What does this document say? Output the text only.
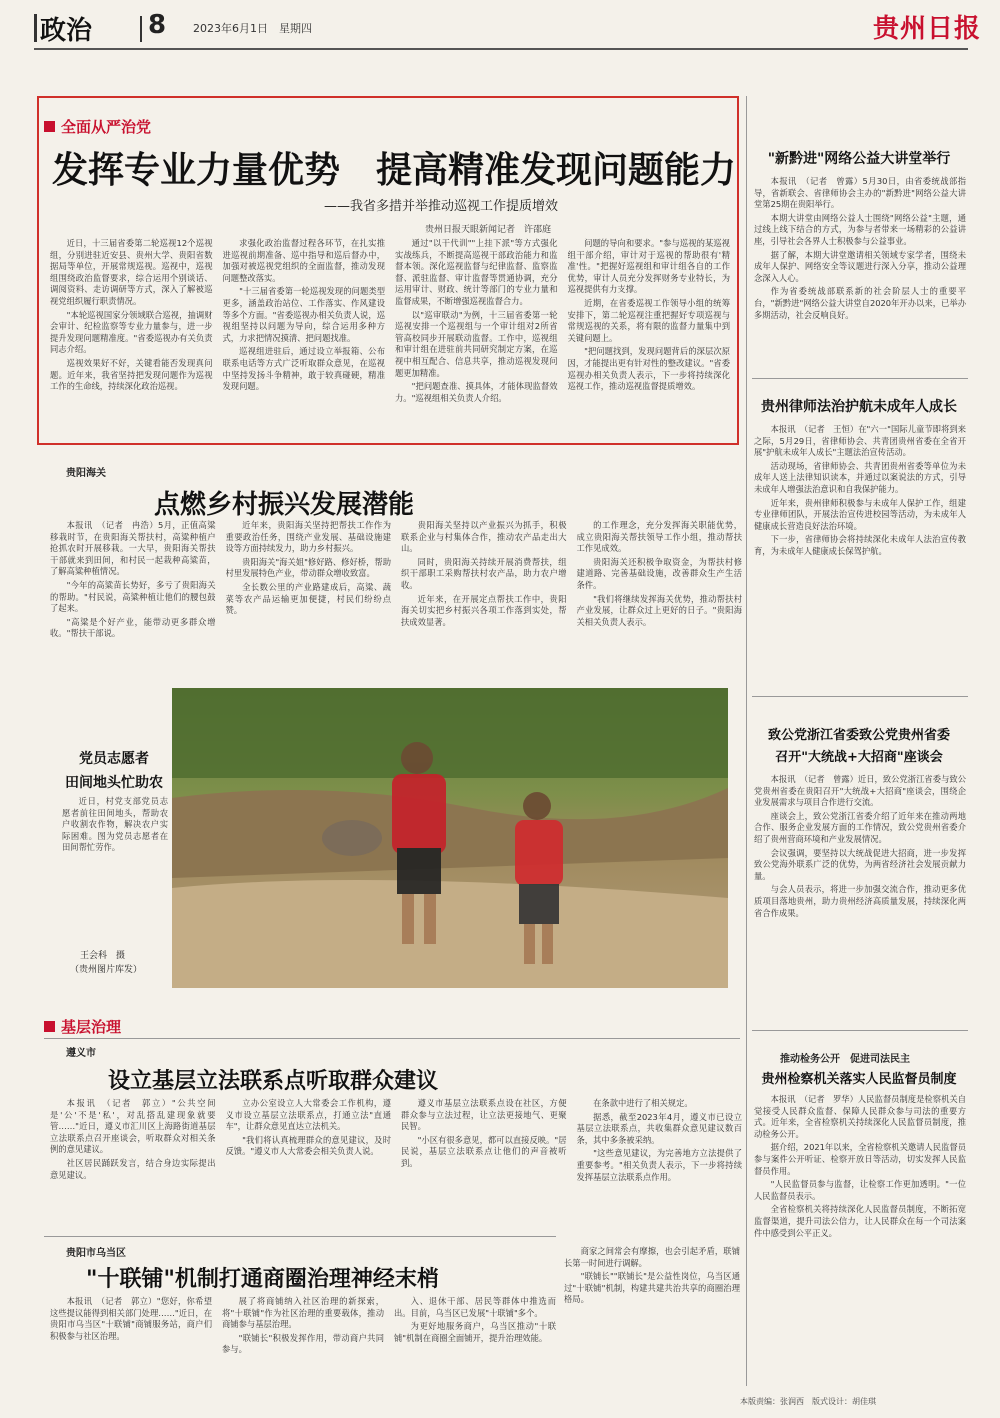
政治 8 2023年6月1日　星期四	贵州日报
全面从严治党
发挥专业力量优势　提高精准发现问题能力
——我省多措并举推动巡视工作提质增效
贵州日报天眼新闻记者　许邵庭

近日，十三届省委第二轮巡视12个巡视组，分别进驻近安县、贵州大学、贵阳省数据局等单位，开展常规巡视。巡视中，巡视组围绕政治监督要求，综合运用个别谈话、调阅资料、走访调研等方式，深入了解被巡视党组织履行职责情况。

"本轮巡视国家分领域联合巡视，抽调财会审计、纪检监察等专业力量参与，进一步提升发现问题精准度。"省委巡视办有关负责同志介绍。

巡视效果好不好，关键看能否发现真问题。近年来，我省坚持把发现问题作为巡视工作的生命线，持续深化政治巡视。

求强化政治监督过程各环节，在扎实推进巡视前期准备、巡中指导和巡后督办中，加强对被巡视党组织的全面监督，推动发现问题整改落实。

"十三届省委第一轮巡视发现的问题类型更多，涵盖政治站位、工作落实、作风建设等多个方面。"省委巡视办相关负责人说，巡视组坚持以问题为导向，综合运用多种方式，力求把情况摸清、把问题找准。

巡视组进驻后，通过设立举报箱、公布联系电话等方式广泛听取群众意见，在巡视中坚持发扬斗争精神，敢于较真碰硬，精准发现问题。

通过"以干代训""上挂下派"等方式强化实战练兵，不断提高巡视干部政治能力和监督本领。深化巡视监督与纪律监督、监察监督、派驻监督、审计监督等贯通协调，充分运用审计、财政、统计等部门的专业力量和监督成果，不断增强巡视监督合力。

以"巡审联动"为例，十三届省委第一轮巡视安排一个巡视组与一个审计组对2所省管高校同步开展联动监督。工作中，巡视组和审计组在进驻前共同研究制定方案，在巡视中相互配合、信息共享，推动巡视发现问题更加精准。

"把问题查准、摸具体，才能体现监督效力。"巡视组相关负责人介绍。

问题的导向和要求。"参与巡视的某巡视组干部介绍，审计对于巡视的帮助很有'精准'性。"把握好巡视组和审计组各自的工作优势，审计人员充分发挥财务专业特长，为巡视提供有力支撑。

近期，在省委巡视工作领导小组的统筹安排下，第二轮巡视注重把握好专项巡视与常规巡视的关系，将有限的监督力量集中到关键问题上。

"把问题找到，发现问题背后的深层次原因，才能提出更有针对性的整改建议。"省委巡视办相关负责人表示，下一步将持续深化巡视工作，推动巡视监督提质增效。

"新黔进"网络公益大讲堂举行

本报讯　（记者　曾露）5月30日，由省委统战部指导，省新联会、省律师协会主办的"新黔进"网络公益大讲堂第25期在贵阳举行。

本期大讲堂由网络公益人士围绕"网络公益"主题，通过线上线下结合的方式，为参与者带来一场精彩的公益讲座，引导社会各界人士积极参与公益事业。

据了解，本期大讲堂邀请相关领域专家学者，围绕未成年人保护、网络安全等议题进行深入分享，推动公益理念深入人心。

作为省委统战部联系新的社会阶层人士的重要平台，"新黔进"网络公益大讲堂自2020年开办以来，已举办多期活动，社会反响良好。

贵州律师法治护航未成年人成长

本报讯　（记者　王恒）在"六一"国际儿童节即将到来之际，5月29日，省律师协会、共青团贵州省委在全省开展"护航未成年人成长"主题法治宣传活动。

活动现场，省律师协会、共青团贵州省委等单位为未成年人送上法律知识读本，并通过以案说法的方式，引导未成年人增强法治意识和自我保护能力。

近年来，贵州律师积极参与未成年人保护工作，组建专业律师团队，开展法治宣传进校园等活动，为未成年人健康成长营造良好法治环境。

下一步，省律师协会将持续深化未成年人法治宣传教育，为未成年人健康成长保驾护航。

致公党浙江省委致公党贵州省委
召开"大统战+大招商"座谈会

本报讯　（记者　曾露）近日，致公党浙江省委与致公党贵州省委在贵阳召开"大统战+大招商"座谈会，围绕企业发展需求与项目合作进行交流。

座谈会上，致公党浙江省委介绍了近年来在推动两地合作、服务企业发展方面的工作情况，致公党贵州省委介绍了贵州营商环境和产业发展情况。

会议强调，要坚持以大统战促进大招商，进一步发挥致公党海外联系广泛的优势，为两省经济社会发展贡献力量。

与会人员表示，将进一步加强交流合作，推动更多优质项目落地贵州，助力贵州经济高质量发展，持续深化两省合作成果。

推动检务公开　促进司法民主
贵州检察机关落实人民监督员制度

本报讯　（记者　罗华）人民监督员制度是检察机关自觉接受人民群众监督、保障人民群众参与司法的重要方式。近年来，全省检察机关持续深化人民监督员制度，推动检务公开。

据介绍，2021年以来，全省检察机关邀请人民监督员参与案件公开听证、检察开放日等活动，切实发挥人民监督员作用。

"人民监督员参与监督，让检察工作更加透明。"一位人民监督员表示。

全省检察机关将持续深化人民监督员制度，不断拓宽监督渠道，提升司法公信力，让人民群众在每一个司法案件中感受到公平正义。

贵阳海关
点燃乡村振兴发展潜能

本报讯　（记者　冉浩）5月，正值高粱移栽时节，在贵阳海关帮扶村，高粱种植户抢抓农时开展移栽。一大早，贵阳海关帮扶干部就来到田间，和村民一起栽种高粱苗，了解高粱种植情况。

"今年的高粱苗长势好，多亏了贵阳海关的帮助。"村民说，高粱种植让他们的腰包鼓了起来。

"高粱是个好产业，能带动更多群众增收。"帮扶干部说。

近年来，贵阳海关坚持把帮扶工作作为重要政治任务，围绕产业发展、基础设施建设等方面持续发力，助力乡村振兴。

贵阳海关"海关姐"修好路、修好桥，帮助村里发展特色产业，带动群众增收致富。

全长数公里的产业路建成后，高粱、蔬菜等农产品运输更加便捷，村民们纷纷点赞。

贵阳海关坚持以产业振兴为抓手，积极联系企业与村集体合作，推动农产品走出大山。

同时，贵阳海关持续开展消费帮扶，组织干部职工采购帮扶村农产品，助力农户增收。

近年来，在开展定点帮扶工作中，贵阳海关切实把乡村振兴各项工作落到实处，帮扶成效显著。

的工作理念，充分发挥海关职能优势，成立贵阳海关帮扶领导工作小组，推动帮扶工作见成效。

贵阳海关还积极争取资金，为帮扶村修建道路、完善基础设施，改善群众生产生活条件。

"我们将继续发挥海关优势，推动帮扶村产业发展，让群众过上更好的日子。"贵阳海关相关负责人表示。

党员志愿者
田间地头忙助农

近日，村党支部党员志愿者前往田间地头，帮助农户收割农作物，解决农户实际困难。图为党员志愿者在田间帮忙劳作。

王会科　摄
（贵州图片库发）
基层治理
遵义市
设立基层立法联系点听取群众建议

本报讯　（记者　郭立）"公共空间是'公'不是'私'，对乱搭乱建现象就要管……"近日，遵义市汇川区上海路街道基层立法联系点召开座谈会，听取群众对相关条例的意见建议。

社区居民踊跃发言，结合身边实际提出意见建议。

立办公室设立人大常委会工作机构，遵义市设立基层立法联系点，打通立法"直通车"，让群众意见直达立法机关。

"我们将认真梳理群众的意见建议，及时反馈。"遵义市人大常委会相关负责人说。

遵义市基层立法联系点设在社区，方便群众参与立法过程，让立法更接地气、更聚民智。

"小区有很多意见，都可以直接反映。"居民说，基层立法联系点让他们的声音被听到。

在条款中进行了相关规定。

据悉，截至2023年4月，遵义市已设立基层立法联系点，共收集群众意见建议数百条，其中多条被采纳。

"这些意见建议，为完善地方立法提供了重要参考。"相关负责人表示，下一步将持续发挥基层立法联系点作用。

贵阳市乌当区
"十联铺"机制打通商圈治理神经末梢

本报讯　（记者　郭立）"您好，你希望这些提议能得到相关部门处理……"近日，在贵阳市乌当区"十联铺"商铺服务站，商户们积极参与社区治理。

展了将商铺纳入社区治理的新探索，将"十联铺"作为社区治理的重要载体，推动商铺参与基层治理。

"联铺长"积极发挥作用，带动商户共同参与。

入、退休干部、居民等群体中推选而出。目前，乌当区已发展"十联铺"多个。

为更好地服务商户，乌当区推动"十联铺"机制在商圈全面铺开，提升治理效能。

商家之间常会有摩擦，也会引起矛盾，联铺长第一时间进行调解。

"联铺长""联铺长"是公益性岗位，乌当区通过"十联铺"机制，构建共建共治共享的商圈治理格局。

本版责编：张润西　版式设计：胡佳琪
